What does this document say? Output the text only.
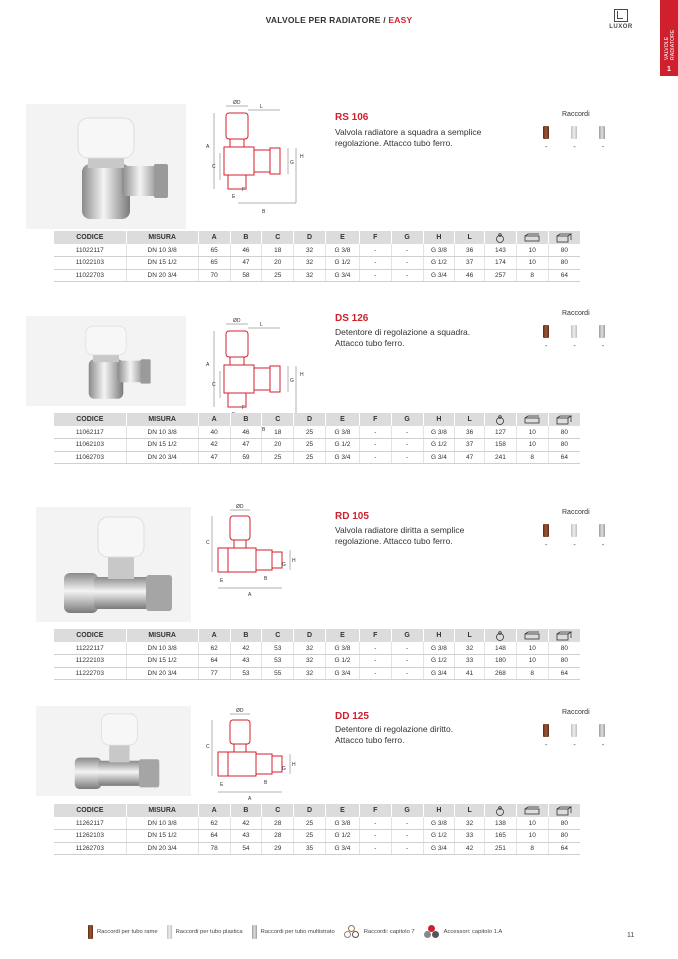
VALVOLE PER RADIATORE / EASY
LUXOR
VALVOLE RADIATORE
1
ØD
L
A
C
E
F
B
G
H
RS 106
Valvola radiatore a squadra a semplice
regolazione. Attacco tubo ferro.
Raccordi
-	-	-
CODICE	MISURA	A	B	C	D	E	F	G	H	L			
11022117	DN 10 3/8	65	46	18	32	G 3/8	-	-	G 3/8	36	143	10	80
11022103	DN 15 1/2	65	47	20	32	G 1/2	-	-	G 1/2	37	174	10	80
11022703	DN 20 3/4	70	58	25	32	G 3/4	-	-	G 3/4	46	257	8	64
ØD
L
A
C
F
B
G
H
DS 126
Detentore di regolazione a squadra.
Attacco tubo ferro.
Raccordi
-	-	-
CODICE	MISURA	A	B	C	D	E	F	G	H	L			
11062117	DN 10 3/8	40	46	18	25	G 3/8	-	-	G 3/8	36	127	10	80
11062103	DN 15 1/2	42	47	20	25	G 1/2	-	-	G 1/2	37	158	10	80
11062703	DN 20 3/4	47	59	25	25	G 3/4	-	-	G 3/4	47	241	8	64
ØD
C
A
E	B
H
G
RD 105
Valvola radiatore diritta a semplice
regolazione. Attacco tubo ferro.
Raccordi
-	-	-
CODICE	MISURA	A	B	C	D	E	F	G	H	L			
11222117	DN 10 3/8	62	42	53	32	G 3/8	-	-	G 3/8	32	148	10	80
11222103	DN 15 1/2	64	43	53	32	G 1/2	-	-	G 1/2	33	180	10	80
11222703	DN 20 3/4	77	53	55	32	G 3/4	-	-	G 3/4	41	268	8	64
ØD
C
A
E	B
H
G
DD 125
Detentore di regolazione diritto.
Attacco tubo ferro.
Raccordi
-	-	-
CODICE	MISURA	A	B	C	D	E	F	G	H	L			
11262117	DN 10 3/8	62	42	28	25	G 3/8	-	-	G 3/8	32	138	10	80
11262103	DN 15 1/2	64	43	28	25	G 1/2	-	-	G 1/2	33	165	10	80
11262703	DN 20 3/4	78	54	29	35	G 3/4	-	-	G 3/4	42	251	8	64
Raccordi per tubo rame	Raccordi per tubo plastica	Raccordi per tubo multistrato	Raccordi: capitolo 7	Accessori: capitolo 1.A	11
